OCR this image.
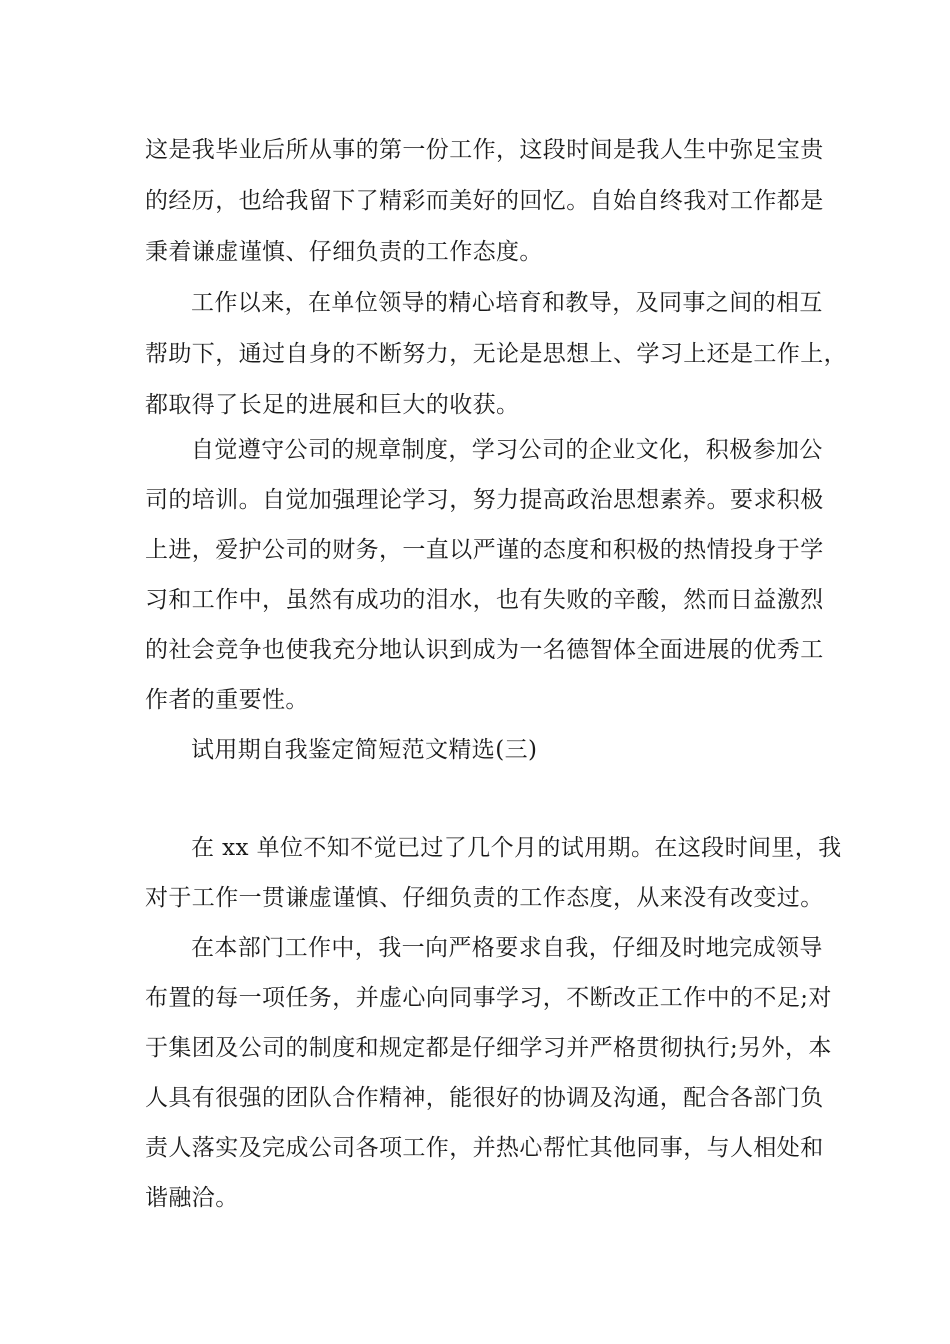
这是我毕业后所从事的第一份工作，这段时间是我人生中弥足宝贵

的经历，也给我留下了精彩而美好的回忆。自始自终我对工作都是

秉着谦虚谨慎、仔细负责的工作态度。

工作以来，在单位领导的精心培育和教导，及同事之间的相互

帮助下，通过自身的不断努力，无论是思想上、学习上还是工作上，

都取得了长足的进展和巨大的收获。

自觉遵守公司的规章制度，学习公司的企业文化，积极参加公

司的培训。自觉加强理论学习，努力提高政治思想素养。要求积极

上进，爱护公司的财务，一直以严谨的态度和积极的热情投身于学

习和工作中，虽然有成功的泪水，也有失败的辛酸，然而日益激烈

的社会竞争也使我充分地认识到成为一名德智体全面进展的优秀工

作者的重要性。

试用期自我鉴定简短范文精选(三)

在 xx 单位不知不觉已过了几个月的试用期。在这段时间里，我

对于工作一贯谦虚谨慎、仔细负责的工作态度，从来没有改变过。

在本部门工作中，我一向严格要求自我，仔细及时地完成领导

布置的每一项任务，并虚心向同事学习，不断改正工作中的不足;对

于集团及公司的制度和规定都是仔细学习并严格贯彻执行;另外，本

人具有很强的团队合作精神，能很好的协调及沟通，配合各部门负

责人落实及完成公司各项工作，并热心帮忙其他同事，与人相处和

谐融洽。
